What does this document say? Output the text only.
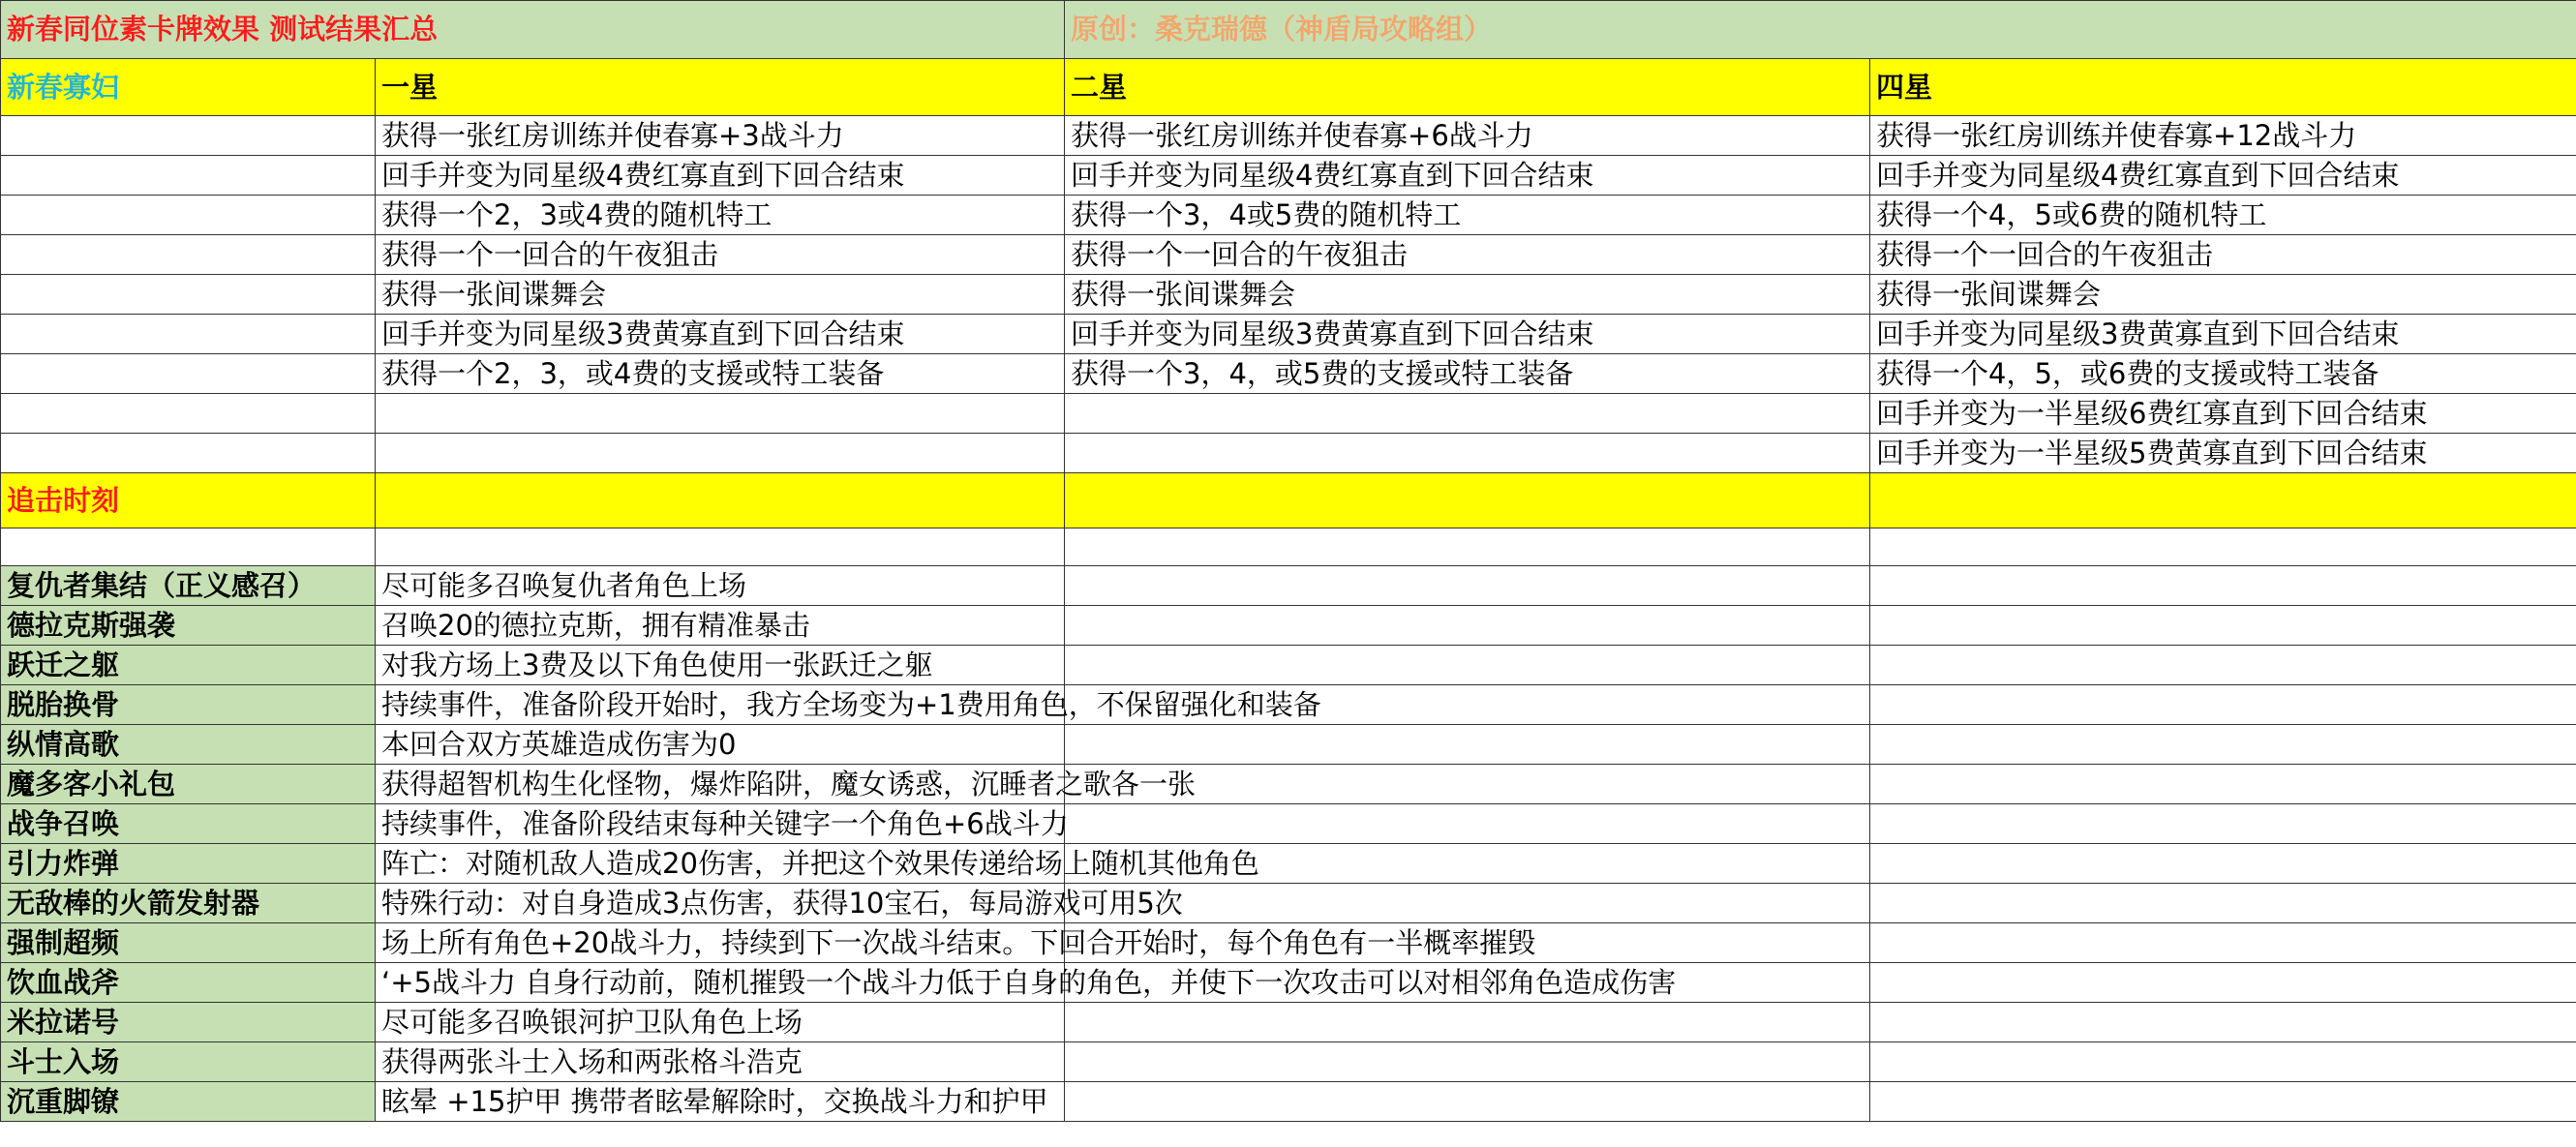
新春同位素卡牌效果 测试结果汇总		原创：桑克瑞德（神盾局攻略组）	
新春寡妇	一星	二星	四星
	获得一张红房训练并使春寡+3战斗力	获得一张红房训练并使春寡+6战斗力	获得一张红房训练并使春寡+12战斗力
	回手并变为同星级4费红寡直到下回合结束	回手并变为同星级4费红寡直到下回合结束	回手并变为同星级4费红寡直到下回合结束
	获得一个2，3或4费的随机特工	获得一个3，4或5费的随机特工	获得一个4，5或6费的随机特工
	获得一个一回合的午夜狙击	获得一个一回合的午夜狙击	获得一个一回合的午夜狙击
	获得一张间谍舞会	获得一张间谍舞会	获得一张间谍舞会
	回手并变为同星级3费黄寡直到下回合结束	回手并变为同星级3费黄寡直到下回合结束	回手并变为同星级3费黄寡直到下回合结束
	获得一个2，3，或4费的支援或特工装备	获得一个3，4，或5费的支援或特工装备	获得一个4，5，或6费的支援或特工装备
			回手并变为一半星级6费红寡直到下回合结束
			回手并变为一半星级5费黄寡直到下回合结束
追击时刻			

复仇者集结（正义感召）	尽可能多召唤复仇者角色上场		
德拉克斯强袭	召唤20的德拉克斯，拥有精准暴击		
跃迁之躯	对我方场上3费及以下角色使用一张跃迁之躯		
脱胎换骨	持续事件，准备阶段开始时，我方全场变为+1费用角色，不保留强化和装备		
纵情高歌	本回合双方英雄造成伤害为0		
魔多客小礼包	获得超智机构生化怪物，爆炸陷阱，魔女诱惑，沉睡者之歌各一张		
战争召唤	持续事件，准备阶段结束每种关键字一个角色+6战斗力		
引力炸弹	阵亡：对随机敌人造成20伤害，并把这个效果传递给场上随机其他角色		
无敌棒的火箭发射器	特殊行动：对自身造成3点伤害，获得10宝石，每局游戏可用5次		
强制超频	场上所有角色+20战斗力，持续到下一次战斗结束。下回合开始时，每个角色有一半概率摧毁		
饮血战斧	‘+5战斗力 自身行动前，随机摧毁一个战斗力低于自身的角色，并使下一次攻击可以对相邻角色造成伤害		
米拉诺号	尽可能多召唤银河护卫队角色上场		
斗士入场	获得两张斗士入场和两张格斗浩克		
沉重脚镣	眩晕 +15护甲 携带者眩晕解除时，交换战斗力和护甲		
